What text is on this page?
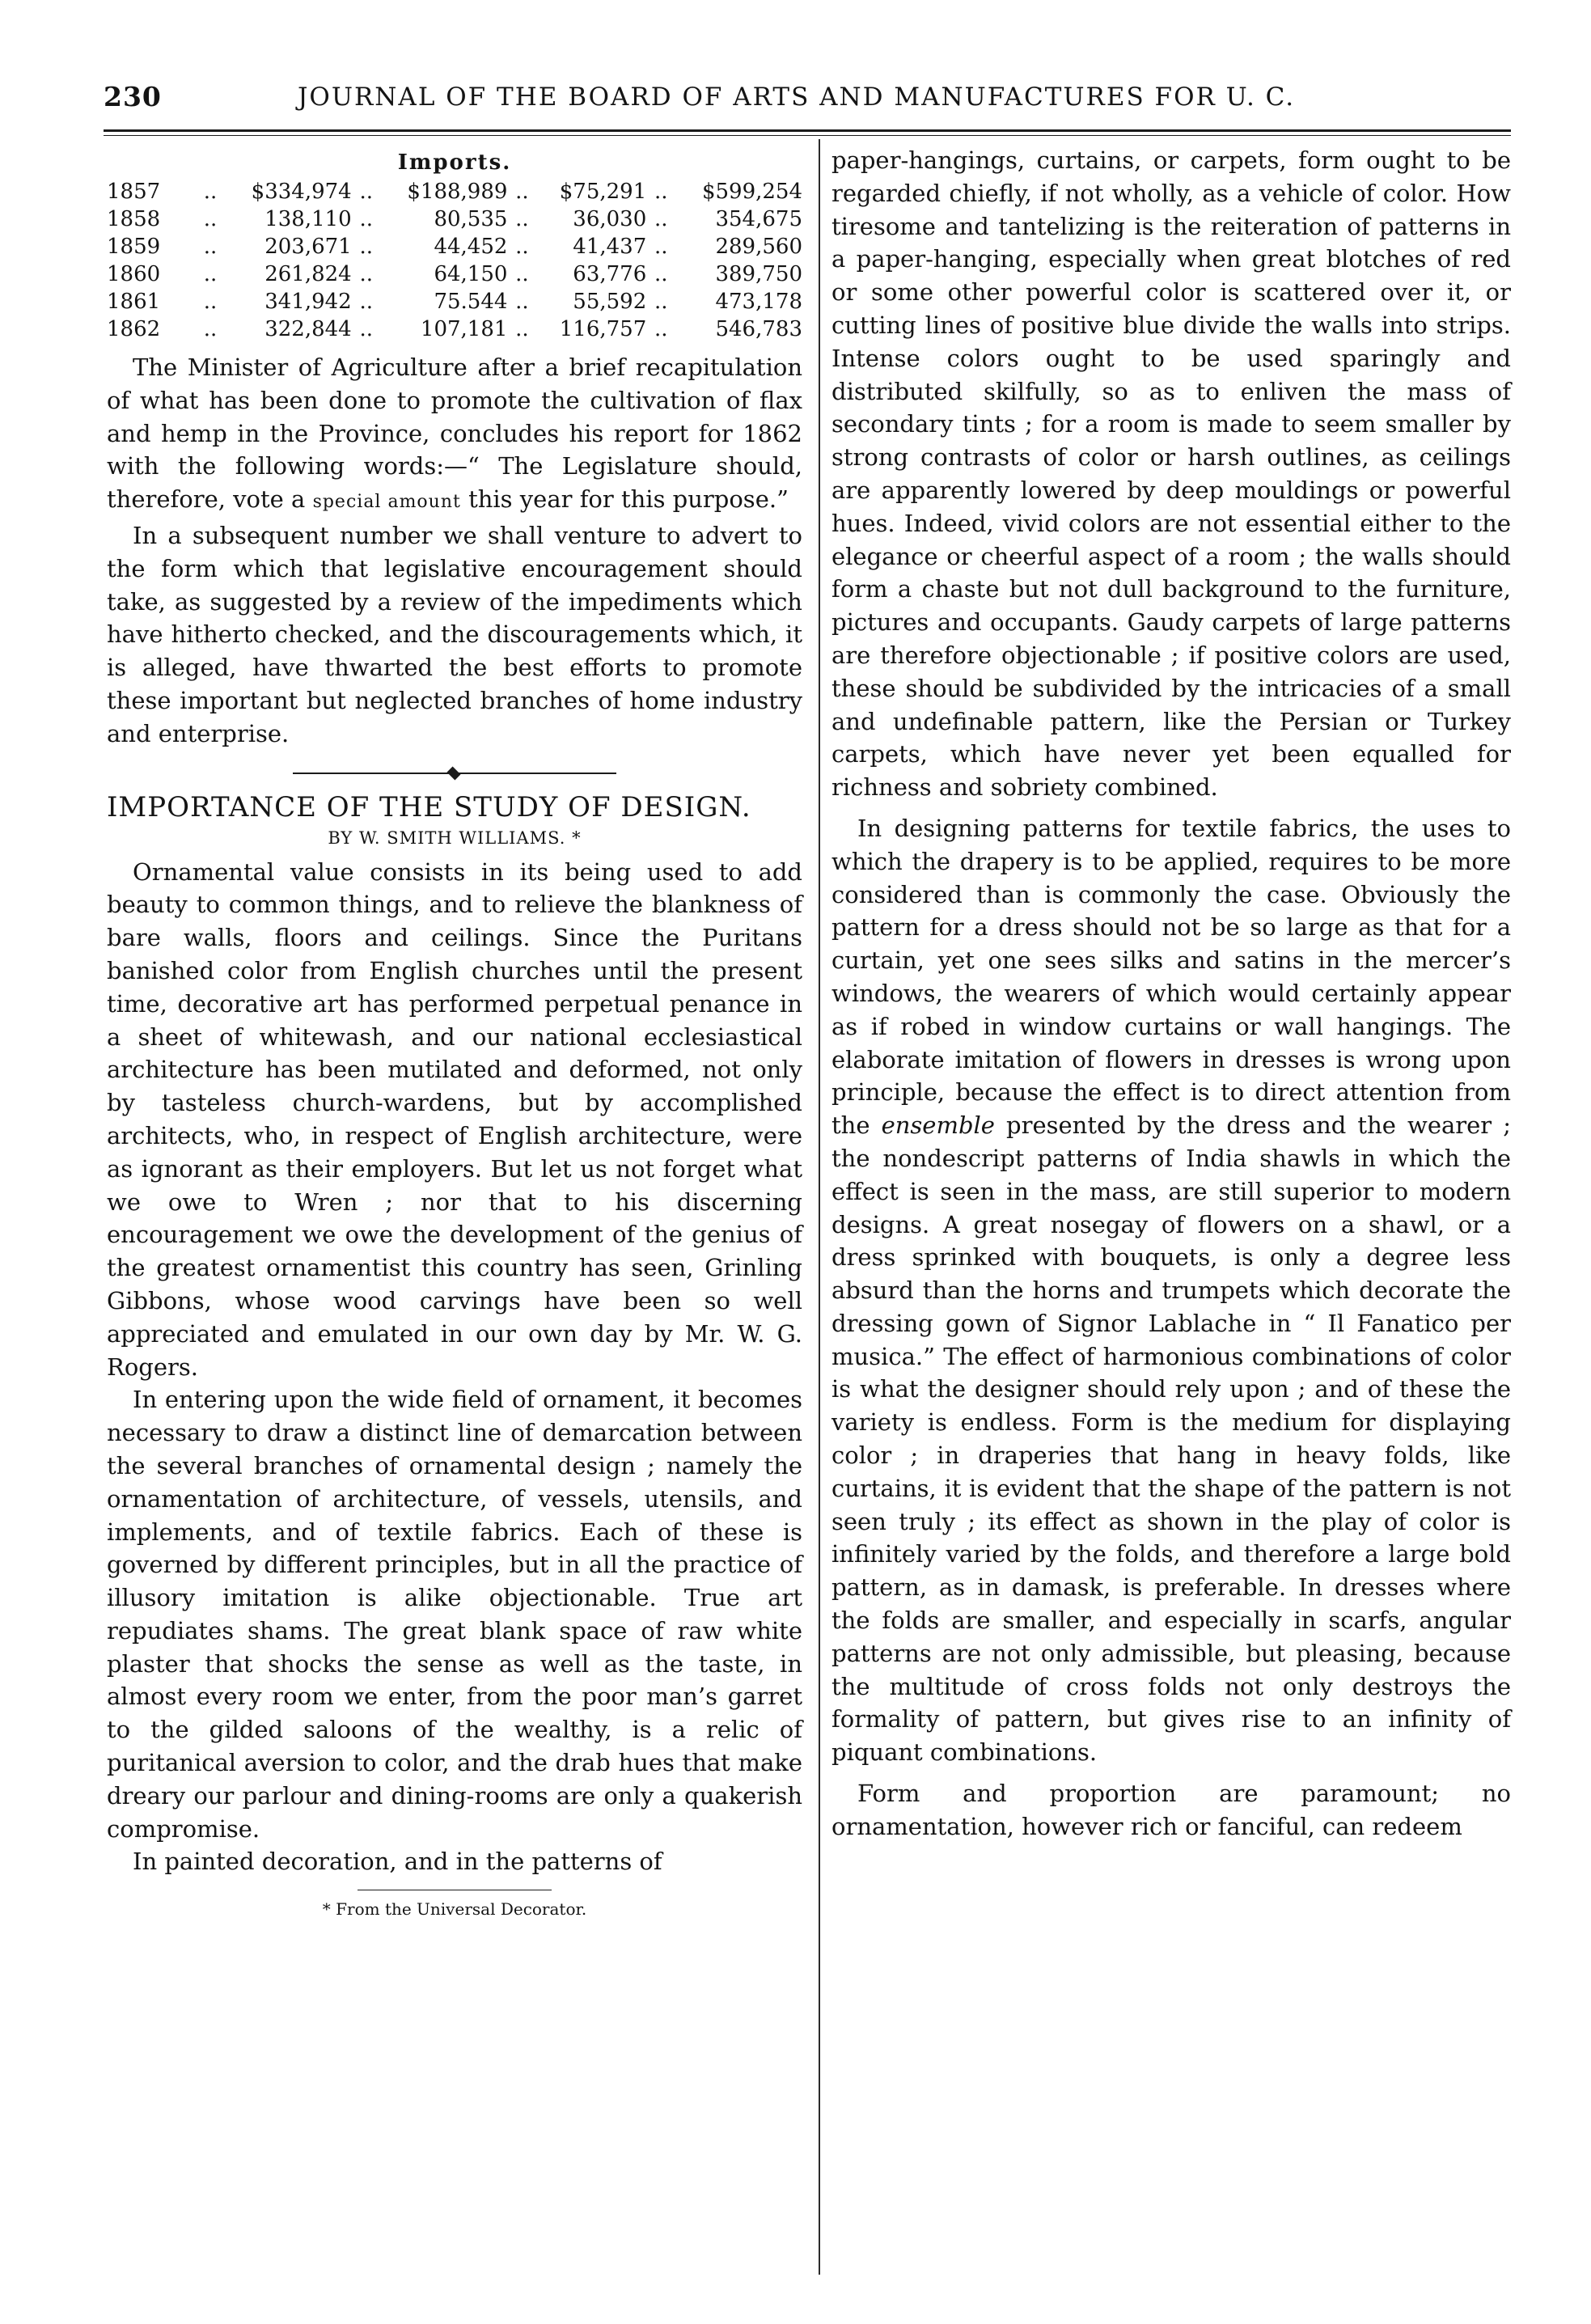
230	JOURNAL OF THE BOARD OF ARTS AND MANUFACTURES FOR U. C.
Imports.
1857	..	$334,974	..	$188,989	..	$75,291	..	$599,254
1858	..	138,110	..	80,535	..	36,030	..	354,675
1859	..	203,671	..	44,452	..	41,437	..	289,560
1860	..	261,824	..	64,150	..	63,776	..	389,750
1861	..	341,942	..	75.544	..	55,592	..	473,178
1862	..	322,844	..	107,181	..	116,757	..	546,783

The Minister of Agriculture after a brief recapitulation of what has been done to promote the cultivation of flax and hemp in the Province, concludes his report for 1862 with the following words:—“ The Legislature should, therefore, vote a special amount this year for this purpose.”

In a subsequent number we shall venture to advert to the form which that legislative encouragement should take, as suggested by a review of the impediments which have hitherto checked, and the discouragements which, it is alleged, have thwarted the best efforts to promote these important but neglected branches of home industry and enterprise.

IMPORTANCE OF THE STUDY OF DESIGN.
BY W. SMITH WILLIAMS. *

Ornamental value consists in its being used to add beauty to common things, and to relieve the blankness of bare walls, floors and ceilings. Since the Puritans banished color from English churches until the present time, decorative art has performed perpetual penance in a sheet of whitewash, and our national ecclesiastical architecture has been mutilated and deformed, not only by tasteless church-wardens, but by accomplished architects, who, in respect of English architecture, were as ignorant as their employers. But let us not forget what we owe to Wren ; nor that to his discerning encouragement we owe the development of the genius of the greatest ornamentist this country has seen, Grinling Gibbons, whose wood carvings have been so well appreciated and emulated in our own day by Mr. W. G. Rogers.

In entering upon the wide field of ornament, it becomes necessary to draw a distinct line of demarcation between the several branches of ornamental design ; namely the ornamentation of architecture, of vessels, utensils, and implements, and of textile fabrics. Each of these is governed by different principles, but in all the practice of illusory imitation is alike objectionable. True art repudiates shams. The great blank space of raw white plaster that shocks the sense as well as the taste, in almost every room we enter, from the poor man’s garret to the gilded saloons of the wealthy, is a relic of puritanical aversion to color, and the drab hues that make dreary our parlour and dining-rooms are only a quakerish compromise.

In painted decoration, and in the patterns of

* From the Universal Decorator.

paper-hangings, curtains, or carpets, form ought to be regarded chiefly, if not wholly, as a vehicle of color. How tiresome and tantelizing is the reiteration of patterns in a paper-hanging, especially when great blotches of red or some other powerful color is scattered over it, or cutting lines of positive blue divide the walls into strips. Intense colors ought to be used sparingly and distributed skilfully, so as to enliven the mass of secondary tints ; for a room is made to seem smaller by strong contrasts of color or harsh outlines, as ceilings are apparently lowered by deep mouldings or powerful hues. Indeed, vivid colors are not essential either to the elegance or cheerful aspect of a room ; the walls should form a chaste but not dull background to the furniture, pictures and occupants. Gaudy carpets of large patterns are therefore objectionable ; if positive colors are used, these should be subdivided by the intricacies of a small and undefinable pattern, like the Persian or Turkey carpets, which have never yet been equalled for richness and sobriety combined.

In designing patterns for textile fabrics, the uses to which the drapery is to be applied, requires to be more considered than is commonly the case. Obviously the pattern for a dress should not be so large as that for a curtain, yet one sees silks and satins in the mercer’s windows, the wearers of which would certainly appear as if robed in window curtains or wall hangings. The elaborate imitation of flowers in dresses is wrong upon principle, because the effect is to direct attention from the ensemble presented by the dress and the wearer ; the nondescript patterns of India shawls in which the effect is seen in the mass, are still superior to modern designs. A great nosegay of flowers on a shawl, or a dress sprinked with bouquets, is only a degree less absurd than the horns and trumpets which decorate the dressing gown of Signor Lablache in “ Il Fanatico per musica.” The effect of harmonious combinations of color is what the designer should rely upon ; and of these the variety is endless. Form is the medium for displaying color ; in draperies that hang in heavy folds, like curtains, it is evident that the shape of the pattern is not seen truly ; its effect as shown in the play of color is infinitely varied by the folds, and therefore a large bold pattern, as in damask, is preferable. In dresses where the folds are smaller, and especially in scarfs, angular patterns are not only admissible, but pleasing, because the multitude of cross folds not only destroys the formality of pattern, but gives rise to an infinity of piquant combinations.

Form and proportion are paramount; no ornamentation, however rich or fanciful, can redeem
